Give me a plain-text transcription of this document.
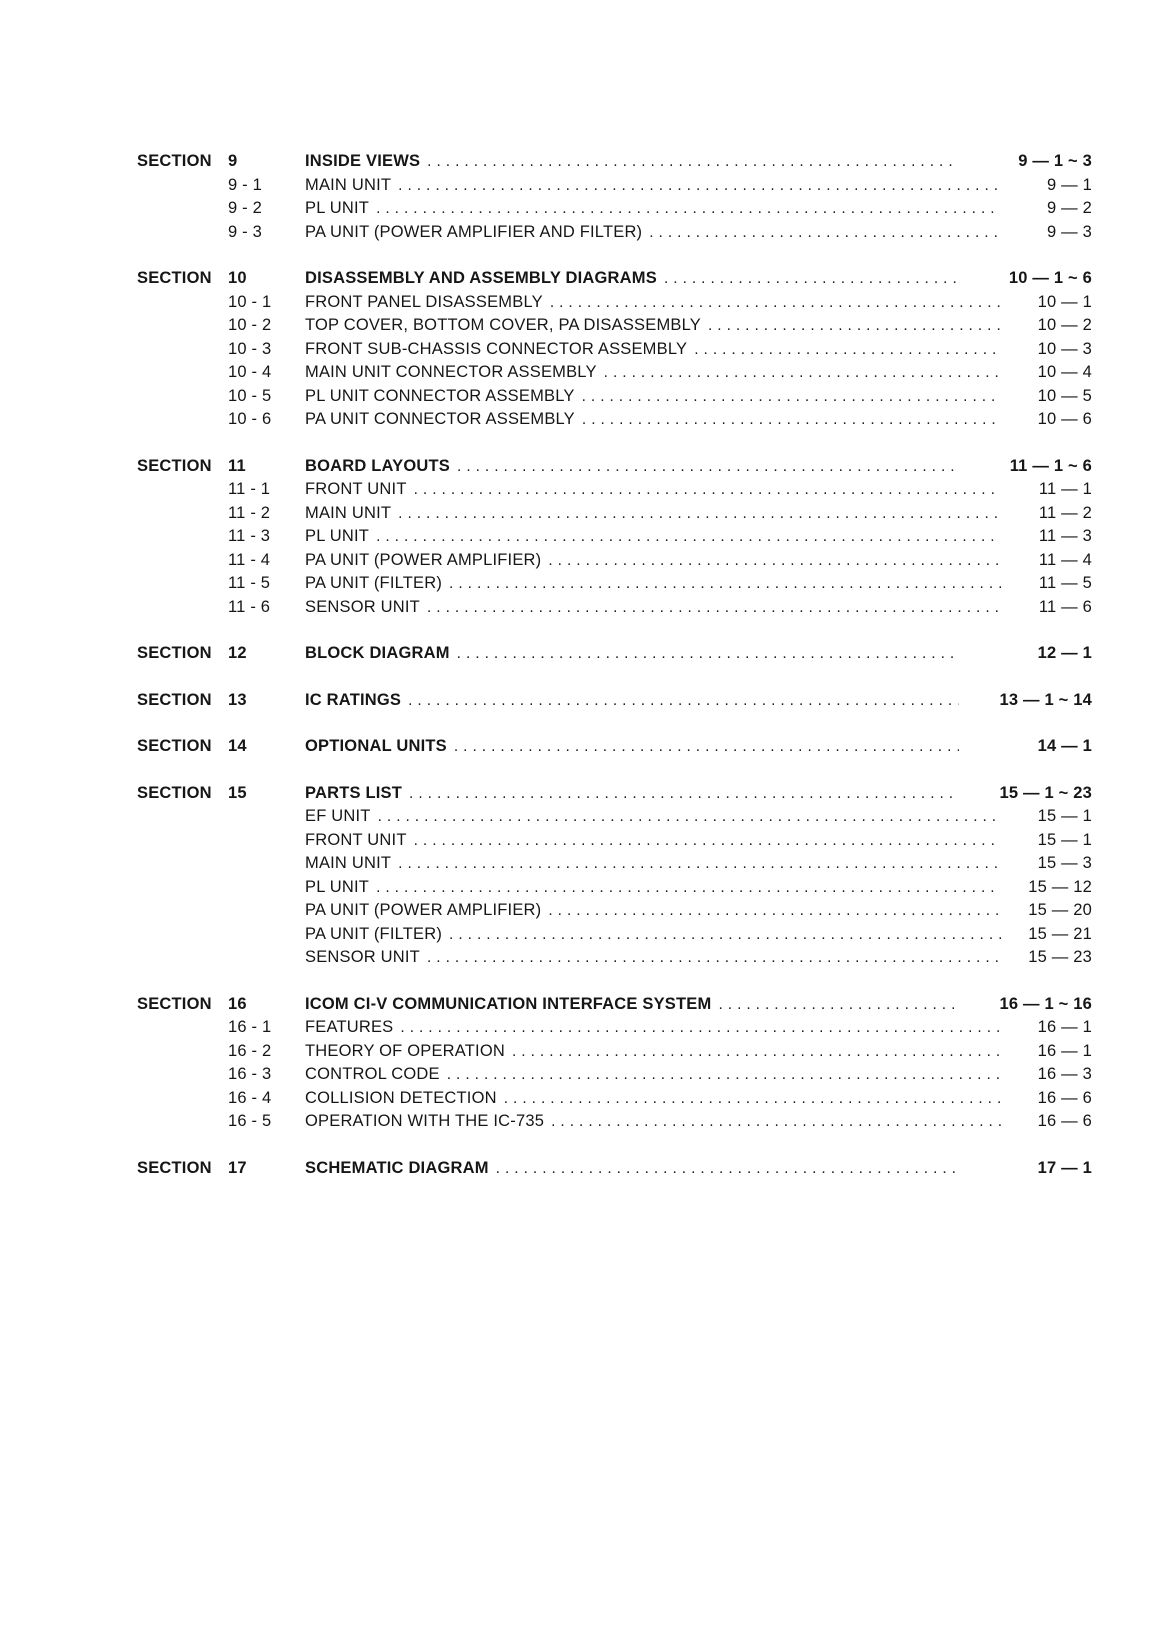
SECTION 9	INSIDE VIEWS .....	9 — 1 ~ 3
9 - 1	MAIN UNIT .....	9 — 1
9 - 2	PL UNIT .....	9 — 2
9 - 3	PA UNIT (POWER AMPLIFIER AND FILTER) .....	9 — 3
SECTION 10	DISASSEMBLY AND ASSEMBLY DIAGRAMS .....	10 — 1 ~ 6
10 - 1	FRONT PANEL DISASSEMBLY .....	10 — 1
10 - 2	TOP COVER, BOTTOM COVER, PA DISASSEMBLY .....	10 — 2
10 - 3	FRONT SUB-CHASSIS CONNECTOR ASSEMBLY .....	10 — 3
10 - 4	MAIN UNIT CONNECTOR ASSEMBLY .....	10 — 4
10 - 5	PL UNIT CONNECTOR ASSEMBLY .....	10 — 5
10 - 6	PA UNIT CONNECTOR ASSEMBLY .....	10 — 6
SECTION 11	BOARD LAYOUTS .....	11 — 1 ~ 6
11 - 1	FRONT UNIT .....	11 — 1
11 - 2	MAIN UNIT .....	11 — 2
11 - 3	PL UNIT .....	11 — 3
11 - 4	PA UNIT (POWER AMPLIFIER) .....	11 — 4
11 - 5	PA UNIT (FILTER) .....	11 — 5
11 - 6	SENSOR UNIT .....	11 — 6
SECTION 12	BLOCK DIAGRAM .....	12 — 1
SECTION 13	IC RATINGS .....	13 — 1 ~ 14
SECTION 14	OPTIONAL UNITS .....	14 — 1
SECTION 15	PARTS LIST .....	15 — 1 ~ 23
EF UNIT .....	15 — 1
FRONT UNIT .....	15 — 1
MAIN UNIT .....	15 — 3
PL UNIT .....	15 — 12
PA UNIT (POWER AMPLIFIER) .....	15 — 20
PA UNIT (FILTER) .....	15 — 21
SENSOR UNIT .....	15 — 23
SECTION 16	ICOM CI-V COMMUNICATION INTERFACE SYSTEM .....	16 — 1 ~ 16
16 - 1	FEATURES .....	16 — 1
16 - 2	THEORY OF OPERATION .....	16 — 1
16 - 3	CONTROL CODE .....	16 — 3
16 - 4	COLLISION DETECTION .....	16 — 6
16 - 5	OPERATION WITH THE IC-735 .....	16 — 6
SECTION 17	SCHEMATIC DIAGRAM .....	17 — 1
